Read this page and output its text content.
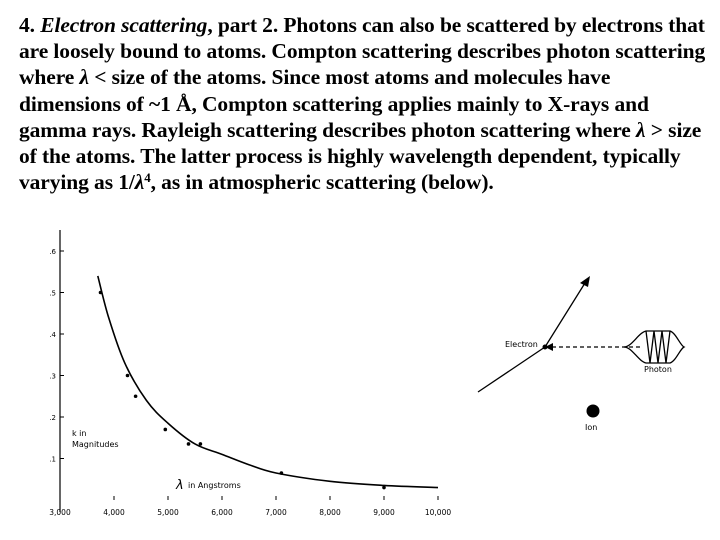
4. Electron scattering, part 2. Photons can also be scattered by electrons that are loosely bound to atoms. Compton scattering describes photon scattering where λ < size of the atoms. Since most atoms and molecules have dimensions of ~1 Å, Compton scattering applies mainly to X-rays and gamma rays. Rayleigh scattering describes photon scattering where λ > size of the atoms. The latter process is highly wavelength dependent, typically varying as $1/\lambda^4$, as in atmospheric scattering (below).
3,000	4,000	5,000	6,000	7,000	8,000	9,000	10,000
.1
.2
.3
.4
.5
.6
k in
Magnitudes
λ in Angstroms
Electron
Photon
Ion
